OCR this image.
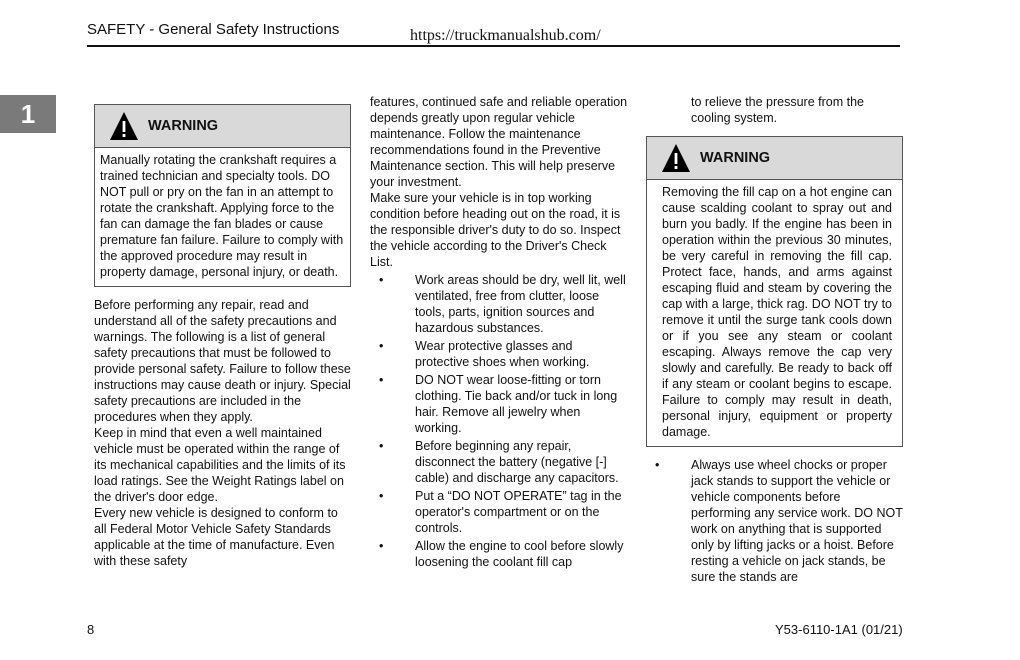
SAFETY - General Safety Instructions	https://truckmanualshub.com/
1	WARNING
Manually rotating the crankshaft requires a trained technician and specialty tools. DO NOT pull or pry on the fan in an attempt to rotate the crankshaft. Applying force to the fan can damage the fan blades or cause premature fan failure. Failure to comply with the approved procedure may result in property damage, personal injury, or death.

Before performing any repair, read and understand all of the safety precautions and warnings. The following is a list of general safety precautions that must be followed to provide personal safety. Failure to follow these instructions may cause death or injury. Special safety precautions are included in the procedures when they apply.

Keep in mind that even a well maintained vehicle must be operated within the range of its mechanical capabilities and the limits of its load ratings. See the Weight Ratings label on the driver's door edge.

Every new vehicle is designed to conform to all Federal Motor Vehicle Safety Standards applicable at the time of manufacture. Even with these safety

features, continued safe and reliable operation depends greatly upon regular vehicle maintenance. Follow the maintenance recommendations found in the Preventive Maintenance section. This will help preserve your investment.

Make sure your vehicle is in top working condition before heading out on the road, it is the responsible driver's duty to do so. Inspect the vehicle according to the Driver's Check List.

• Work areas should be dry, well lit, well ventilated, free from clutter, loose tools, parts, ignition sources and hazardous substances.
• Wear protective glasses and protective shoes when working.
• DO NOT wear loose-fitting or torn clothing. Tie back and/or tuck in long hair. Remove all jewelry when working.
• Before beginning any repair, disconnect the battery (negative [-] cable) and discharge any capacitors.
• Put a “DO NOT OPERATE” tag in the operator's compartment or on the controls.
• Allow the engine to cool before slowly loosening the coolant fill cap

to relieve the pressure from the cooling system.

WARNING
Removing the fill cap on a hot engine can cause scalding coolant to spray out and burn you badly. If the engine has been in operation within the previous 30 minutes, be very careful in removing the fill cap. Protect face, hands, and arms against escaping fluid and steam by covering the cap with a large, thick rag. DO NOT try to remove it until the surge tank cools down or if you see any steam or coolant escaping. Always remove the cap very slowly and carefully. Be ready to back off if any steam or coolant begins to escape. Failure to comply may result in death, personal injury, equipment or property damage.
• Always use wheel chocks or proper jack stands to support the vehicle or vehicle components before performing any service work. DO NOT work on anything that is supported only by lifting jacks or a hoist. Before resting a vehicle on jack stands, be sure the stands are
8	Y53-6110-1A1 (01/21)
